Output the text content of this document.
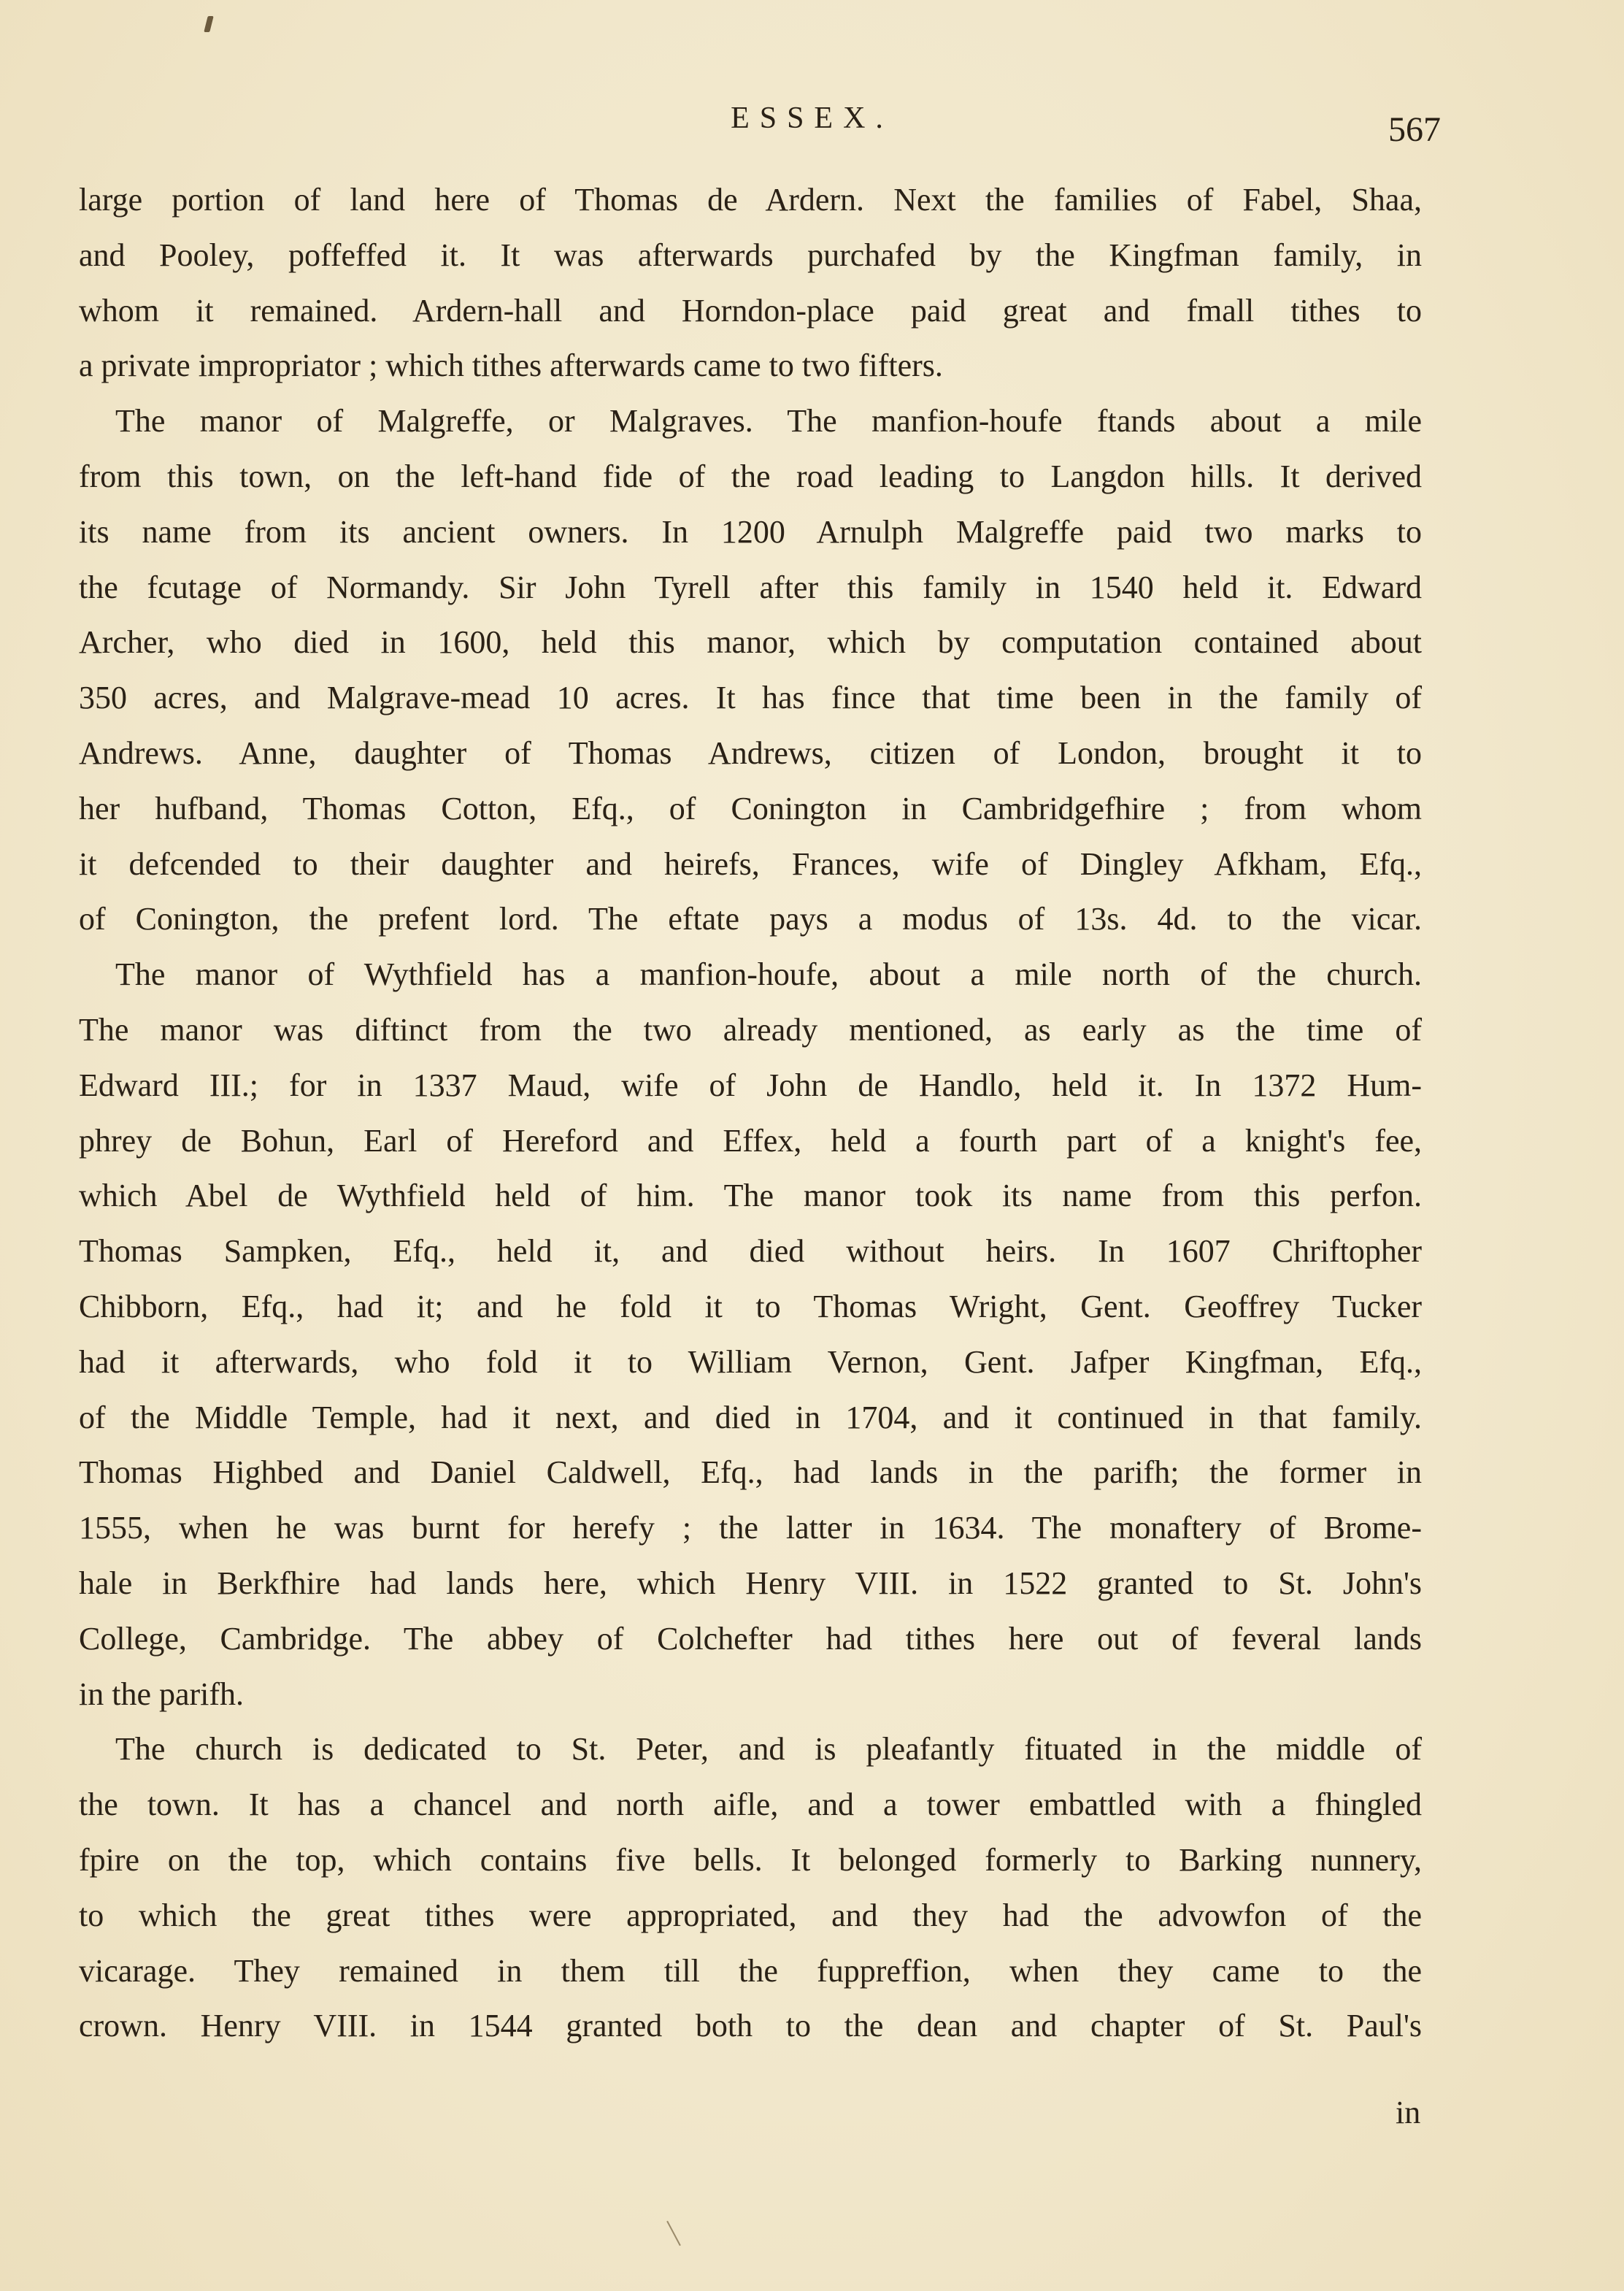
ESSEX.	567
large portion of land here of Thomas de Ardern. Next the families of Fabel, Shaa,
and Pooley, poffeffed it. It was afterwards purchafed by the Kingfman family, in
whom it remained. Ardern-hall and Horndon-place paid great and fmall tithes to
a private impropriator ; which tithes afterwards came to two fifters.
The manor of Malgreffe, or Malgraves. The manfion-houfe ftands about a mile
from this town, on the left-hand fide of the road leading to Langdon hills. It derived
its name from its ancient owners. In 1200 Arnulph Malgreffe paid two marks to
the fcutage of Normandy. Sir John Tyrell after this family in 1540 held it. Edward
Archer, who died in 1600, held this manor, which by computation contained about
350 acres, and Malgrave-mead 10 acres. It has fince that time been in the family of
Andrews. Anne, daughter of Thomas Andrews, citizen of London, brought it to
her hufband, Thomas Cotton, Efq., of Conington in Cambridgefhire ; from whom
it defcended to their daughter and heirefs, Frances, wife of Dingley Afkham, Efq.,
of Conington, the prefent lord. The eftate pays a modus of 13s. 4d. to the vicar.
The manor of Wythfield has a manfion-houfe, about a mile north of the church.
The manor was diftinct from the two already mentioned, as early as the time of
Edward III.; for in 1337 Maud, wife of John de Handlo, held it. In 1372 Hum-
phrey de Bohun, Earl of Hereford and Effex, held a fourth part of a knight's fee,
which Abel de Wythfield held of him. The manor took its name from this perfon.
Thomas Sampken, Efq., held it, and died without heirs. In 1607 Chriftopher
Chibborn, Efq., had it; and he fold it to Thomas Wright, Gent. Geoffrey Tucker
had it afterwards, who fold it to William Vernon, Gent. Jafper Kingfman, Efq.,
of the Middle Temple, had it next, and died in 1704, and it continued in that family.
Thomas Highbed and Daniel Caldwell, Efq., had lands in the parifh; the former in
1555, when he was burnt for herefy ; the latter in 1634. The monaftery of Brome-
hale in Berkfhire had lands here, which Henry VIII. in 1522 granted to St. John's
College, Cambridge. The abbey of Colchefter had tithes here out of feveral lands
in the parifh.
The church is dedicated to St. Peter, and is pleafantly fituated in the middle of
the town. It has a chancel and north aifle, and a tower embattled with a fhingled
fpire on the top, which contains five bells. It belonged formerly to Barking nunnery,
to which the great tithes were appropriated, and they had the advowfon of the
vicarage. They remained in them till the fuppreffion, when they came to the
crown. Henry VIII. in 1544 granted both to the dean and chapter of St. Paul's
in
